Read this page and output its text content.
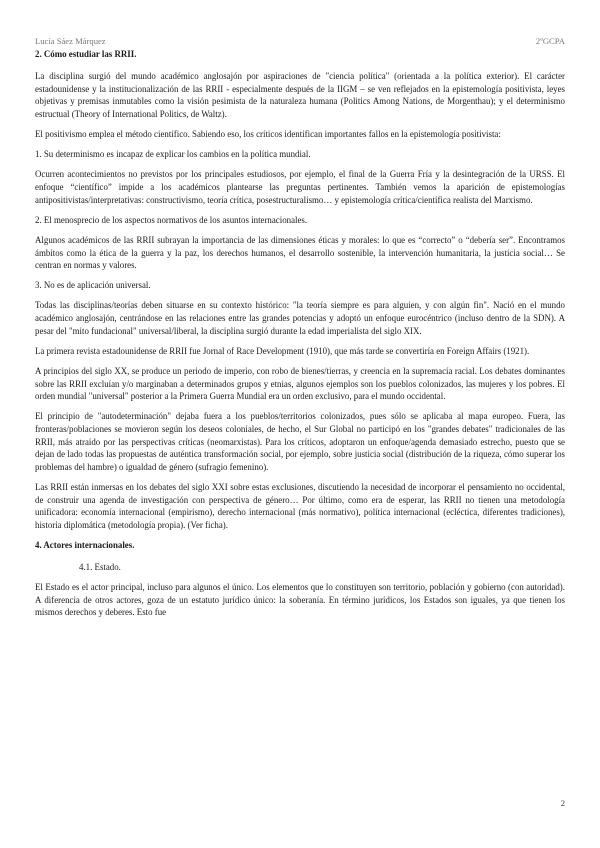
Lucía Sáez Márquez	2ºGCPA
2. Cómo estudiar las RRII.

La disciplina surgió del mundo académico anglosajón por aspiraciones de "ciencia política" (orientada a la política exterior). El carácter estadounidense y la institucionalización de las RRII - especialmente después de la IIGM – se ven reflejados en la epistemología positivista, leyes objetivas y premisas inmutables como la visión pesimista de la naturaleza humana (Politics Among Nations, de Morgenthau); y el determinismo estructual (Theory of International Politics, de Waltz).

El positivismo emplea el método científico. Sabiendo eso, los críticos identifican importantes fallos en la epistemología positivista:

1. Su determinismo es incapaz de explicar los cambios en la política mundial.

Ocurren acontecimientos no previstos por los principales estudiosos, por ejemplo, el final de la Guerra Fría y la desintegración de la URSS. El enfoque “científico” impide a los académicos plantearse las preguntas pertinentes. También vemos la aparición de epistemologías antipositivistas/interpretativas: constructivismo, teoría crítica, posestructuralismo… y epistemología crítica/científica realista del Marxismo.

2. El menosprecio de los aspectos normativos de los asuntos internacionales.

Algunos académicos de las RRII subrayan la importancia de las dimensiones éticas y morales: lo que es “correcto” o “debería ser”. Encontramos ámbitos como la ética de la guerra y la paz, los derechos humanos, el desarrollo sostenible, la intervención humanitaria, la justicia social… Se centran en normas y valores.

3. No es de aplicación universal.

Todas las disciplinas/teorías deben situarse en su contexto histórico: "la teoría siempre es para alguien, y con algún fin". Nació en el mundo académico anglosajón, centrándose en las relaciones entre las grandes potencias y adoptó un enfoque eurocéntrico (incluso dentro de la SDN). A pesar del "mito fundacional" universal/liberal, la disciplina surgió durante la edad imperialista del siglo XIX.

La primera revista estadounidense de RRII fue Jornal of Race Development (1910), que más tarde se convertiría en Foreign Affairs (1921).

A principios del siglo XX, se produce un periodo de imperio, con robo de bienes/tierras, y creencia en la supremacía racial. Los debates dominantes sobre las RRII excluían y/o marginaban a determinados grupos y etnias, algunos ejemplos son los pueblos colonizados, las mujeres y los pobres. El orden mundial "universal" posterior a la Primera Guerra Mundial era un orden exclusivo, para el mundo occidental.

El principio de "autodeterminación" dejaba fuera a los pueblos/territorios colonizados, pues sólo se aplicaba al mapa europeo. Fuera, las fronteras/poblaciones se movieron según los deseos coloniales, de hecho, el Sur Global no participó en los "grandes debates" tradicionales de las RRII, más atraído por las perspectivas críticas (neomarxistas). Para los críticos, adoptaron un enfoque/agenda demasiado estrecho, puesto que se dejan de lado todas las propuestas de auténtica transformación social, por ejemplo, sobre justicia social (distribución de la riqueza, cómo superar los problemas del hambre) o igualdad de género (sufragio femenino).

Las RRII están inmersas en los debates del siglo XXI sobre estas exclusiones, discutiendo la necesidad de incorporar el pensamiento no occidental, de construir una agenda de investigación con perspectiva de género… Por último, como era de esperar, las RRII no tienen una metodología unificadora: economía internacional (empirismo), derecho internacional (más normativo), política internacional (ecléctica, diferentes tradiciones), historia diplomática (metodología propia). (Ver ficha).

4. Actores internacionales.
4.1. Estado.

El Estado es el actor principal, incluso para algunos el único. Los elementos que lo constituyen son territorio, población y gobierno (con autoridad). A diferencia de otros actores, goza de un estatuto jurídico único: la soberanía. En término jurídicos, los Estados son iguales, ya que tienen los mismos derechos y deberes. Esto fue

2
